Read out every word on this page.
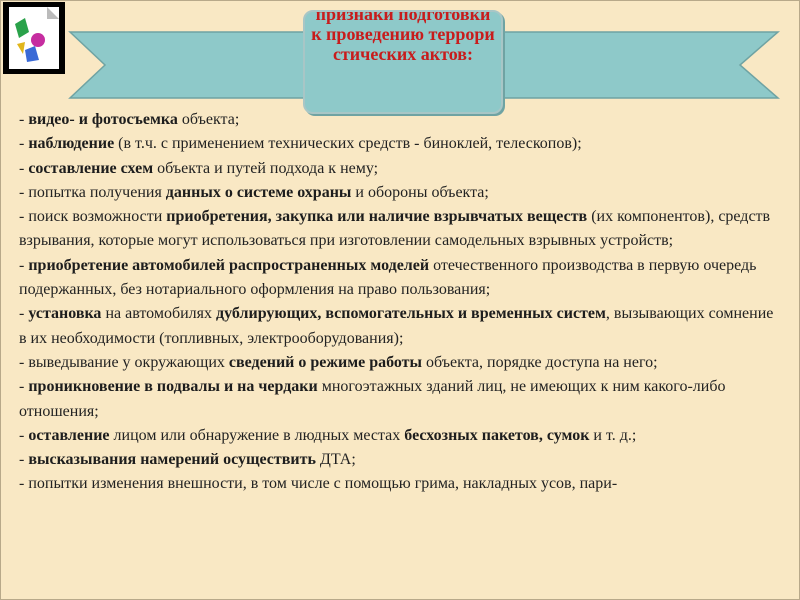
признаки подготовки к проведению террористических актов:

- видео- и фотосъемка объекта;

- наблюдение (в т.ч. с применением технических средств - биноклей, телескопов);

- составление схем объекта и путей подхода к нему;

- попытка получения данных о системе охраны и обороны объекта;

- поиск возможности приобретения, закупка или наличие взрывчатых веществ (их компонентов), средств взрывания, которые могут использоваться при изготовлении самодельных взрывных устройств;

- приобретение автомобилей распространенных моделей отечественного производства в первую очередь подержанных, без нотариального оформления на право пользования;

- установка на автомобилях дублирующих, вспомогательных и временных систем, вызывающих сомнение в их необходимости (топливных, электрооборудования);

- выведывание у окружающих сведений о режиме работы объекта, порядке доступа на него;

- проникновение в подвалы и на чердаки многоэтажных зданий лиц, не имеющих к ним какого-либо отношения;

- оставление лицом или обнаружение в людных местах бесхозных пакетов, сумок и т. д.;

- высказывания намерений осуществить ДТА;

- попытки изменения внешности, в том числе с помощью грима, накладных усов, пари-
